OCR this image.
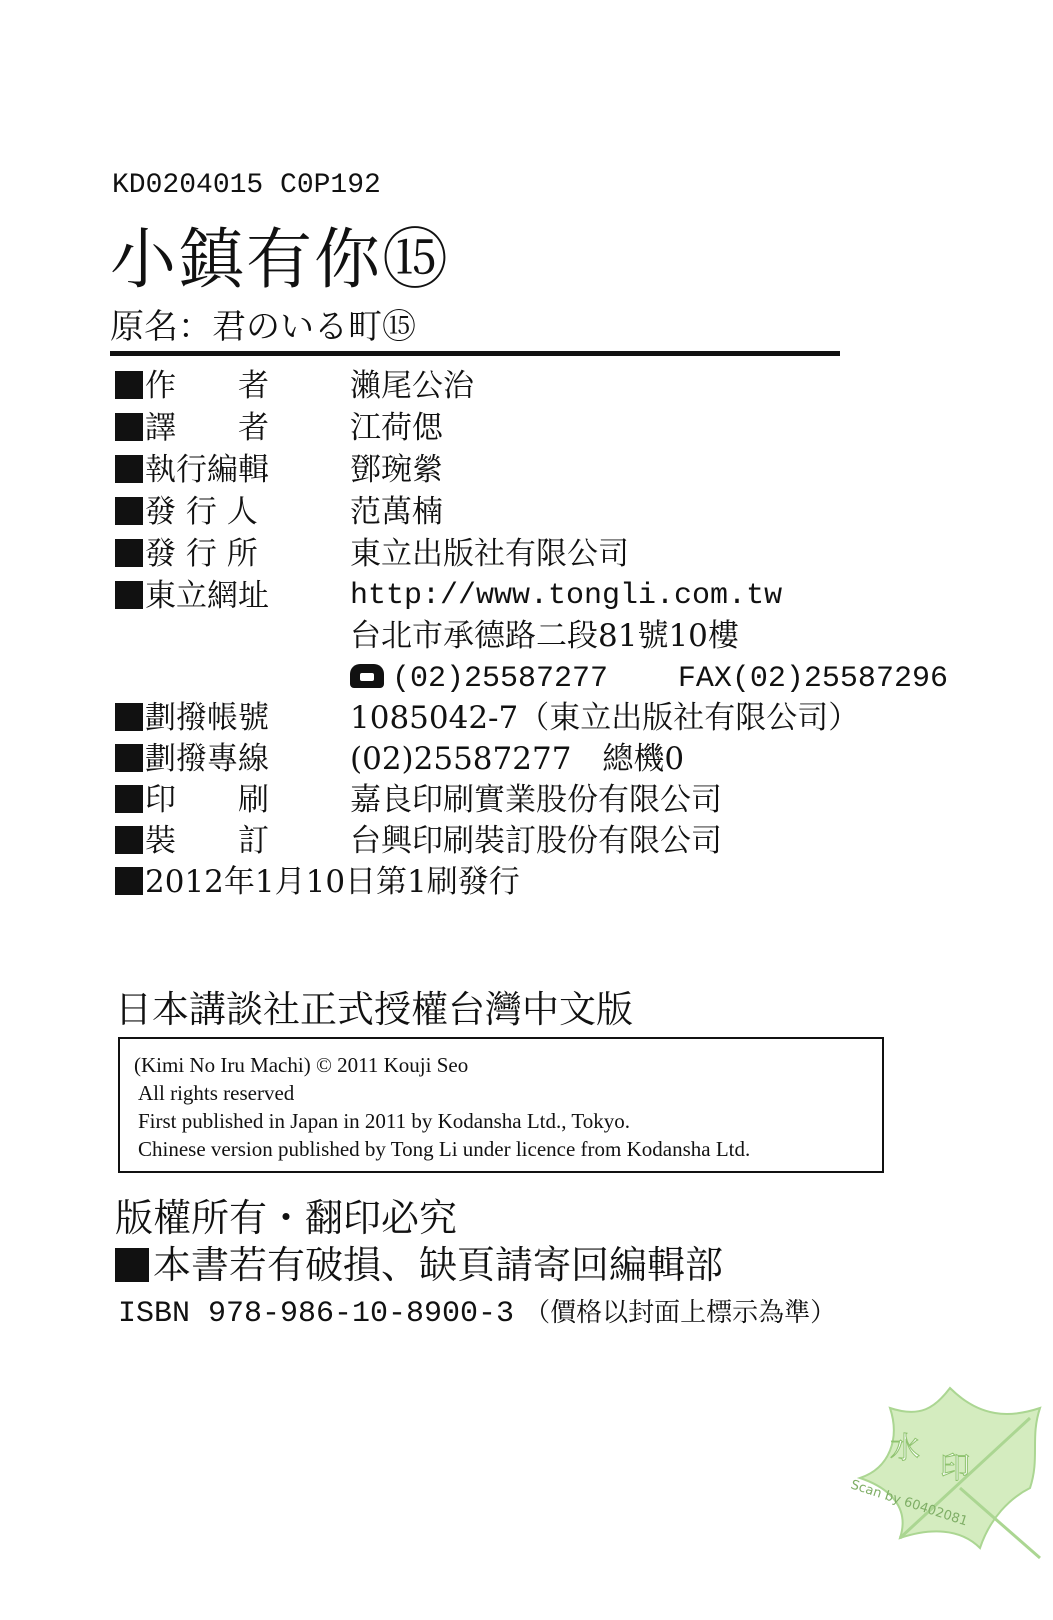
KD0204015 C0P192
小鎮有你⑮
原名：君のいる町⑮
作　　者	瀨尾公治
譯　　者	江荷偲
執行編輯	鄧琬縈
發 行 人	范萬楠
發 行 所	東立出版社有限公司
東立網址	http://www.tongli.com.tw
台北市承德路二段81號10樓
(02)25587277 FAX(02)25587296
劃撥帳號	1085042-7（東立出版社有限公司）
劃撥專線	(02)25587277　總機0
印　　刷	嘉良印刷實業股份有限公司
裝　　訂	台興印刷裝訂股份有限公司
2012年1月10日第1刷發行
日本講談社正式授權台灣中文版
(Kimi No Iru Machi) © 2011 Kouji Seo
All rights reserved
First published in Japan in 2011 by Kodansha Ltd., Tokyo.
Chinese version published by Tong Li under licence from Kodansha Ltd.
版權所有・翻印必究
本書若有破損、缺頁請寄回編輯部
ISBN 978-986-10-8900-3 （價格以封面上標示為準）
水
印
Scan by 60402081
